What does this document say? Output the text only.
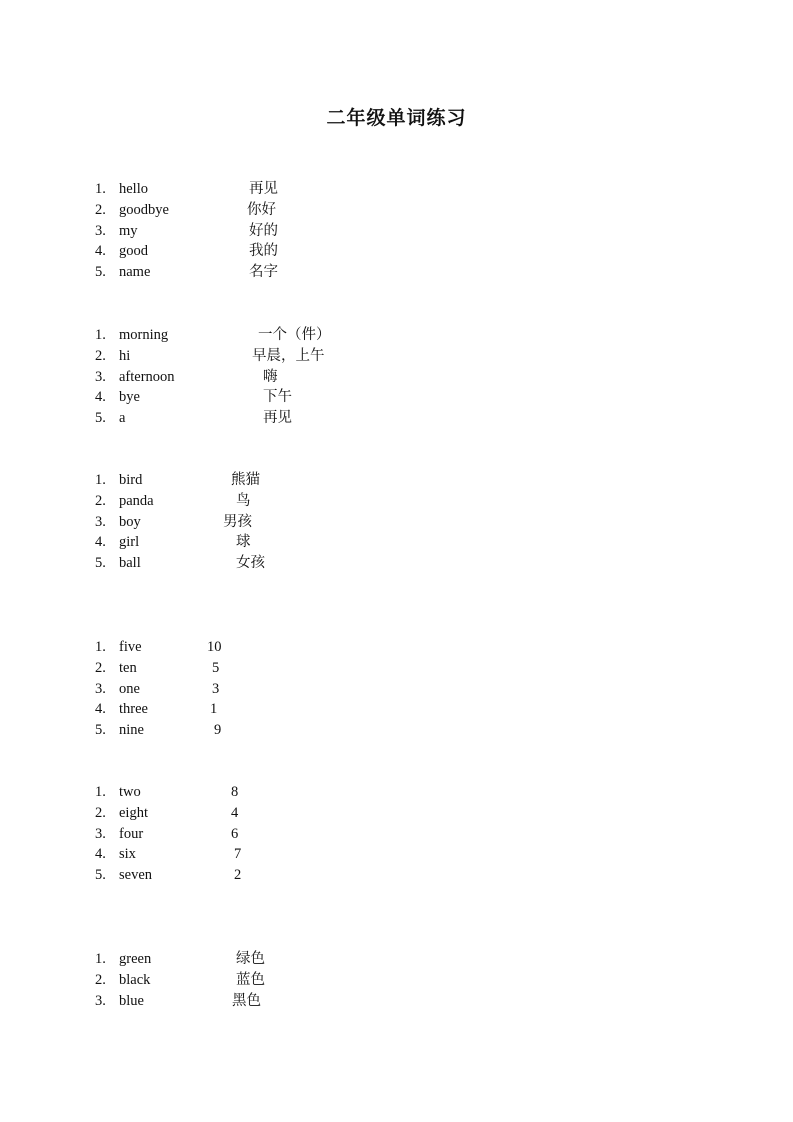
二年级单词练习
1. hello	再见
2. goodbye	你好
3. my	好的
4. good	我的
5. name	名字
1. morning	一个（件）
2. hi	早晨，上午
3. afternoon	嗨
4. bye	下午
5. a	再见
1. bird	熊猫
2. panda	鸟
3. boy	男孩
4. girl	球
5. ball	女孩
1. five	10
2. ten	5
3. one	3
4. three	1
5. nine	9
1. two	8
2. eight	4
3. four	6
4. six	7
5. seven	2
1. green	绿色
2. black	蓝色
3. blue	黑色
